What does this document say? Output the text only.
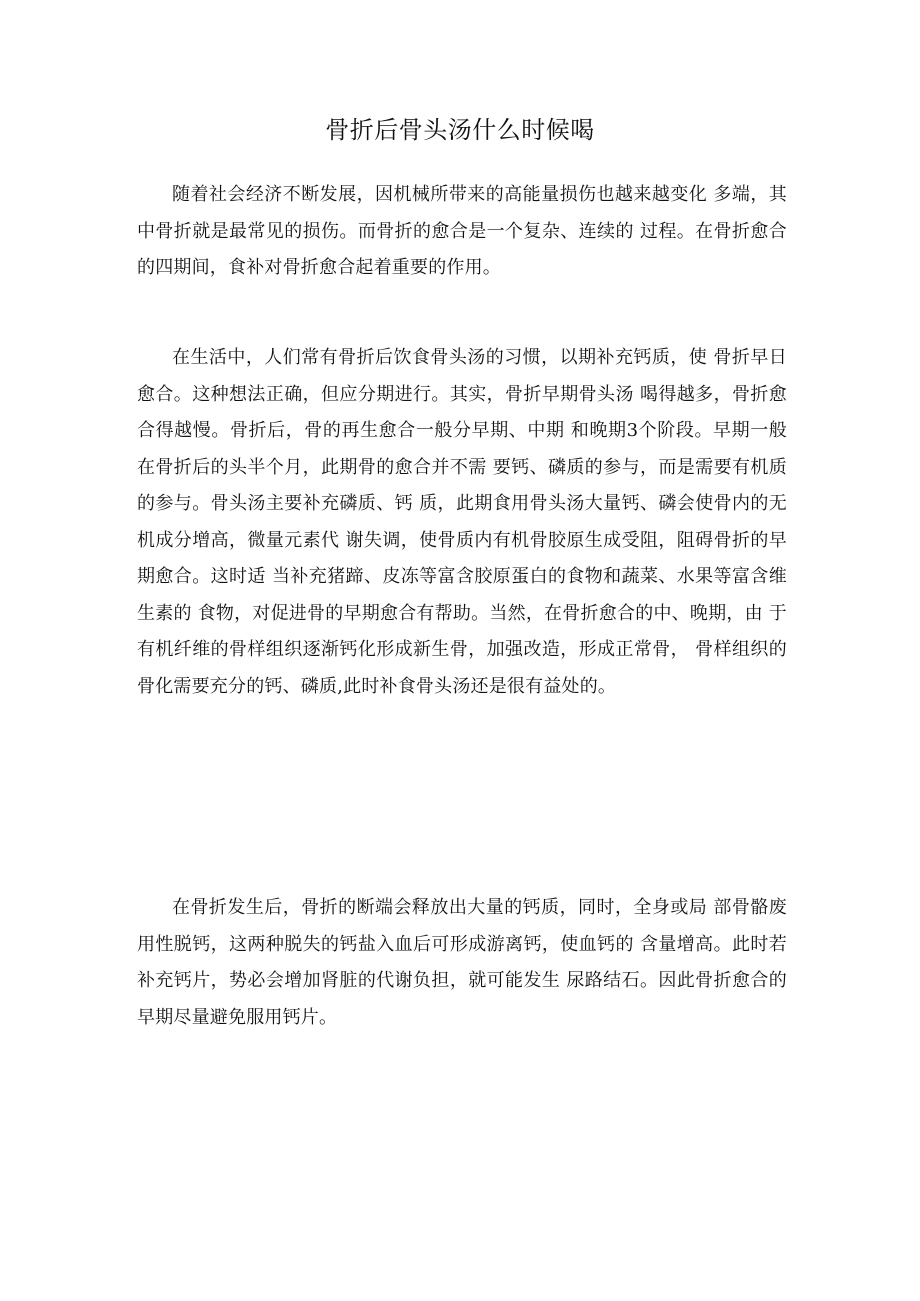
骨折后骨头汤什么时候喝

随着社会经济不断发展，因机械所带来的高能量损伤也越来越变化 多端，其中骨折就是最常见的损伤。而骨折的愈合是一个复杂、连续的 过程。在骨折愈合的四期间，食补对骨折愈合起着重要的作用。

在生活中，人们常有骨折后饮食骨头汤的习惯，以期补充钙质，使 骨折早日愈合。这种想法正确，但应分期进行。其实，骨折早期骨头汤 喝得越多，骨折愈合得越慢。骨折后，骨的再生愈合一般分早期、中期 和晚期3个阶段。早期一般在骨折后的头半个月，此期骨的愈合并不需 要钙、磷质的参与，而是需要有机质的参与。骨头汤主要补充磷质、钙 质，此期食用骨头汤大量钙、磷会使骨内的无机成分增高，微量元素代 谢失调，使骨质内有机骨胶原生成受阻，阻碍骨折的早期愈合。这时适 当补充猪蹄、皮冻等富含胶原蛋白的食物和蔬菜、水果等富含维生素的 食物，对促进骨的早期愈合有帮助。当然，在骨折愈合的中、晚期，由 于有机纤维的骨样组织逐渐钙化形成新生骨，加强改造，形成正常骨， 骨样组织的骨化需要充分的钙、磷质,此时补食骨头汤还是很有益处的。

在骨折发生后，骨折的断端会释放出大量的钙质，同时，全身或局 部骨骼废用性脱钙，这两种脱失的钙盐入血后可形成游离钙，使血钙的 含量增高。此时若补充钙片，势必会增加肾脏的代谢负担，就可能发生 尿路结石。因此骨折愈合的早期尽量避免服用钙片。
